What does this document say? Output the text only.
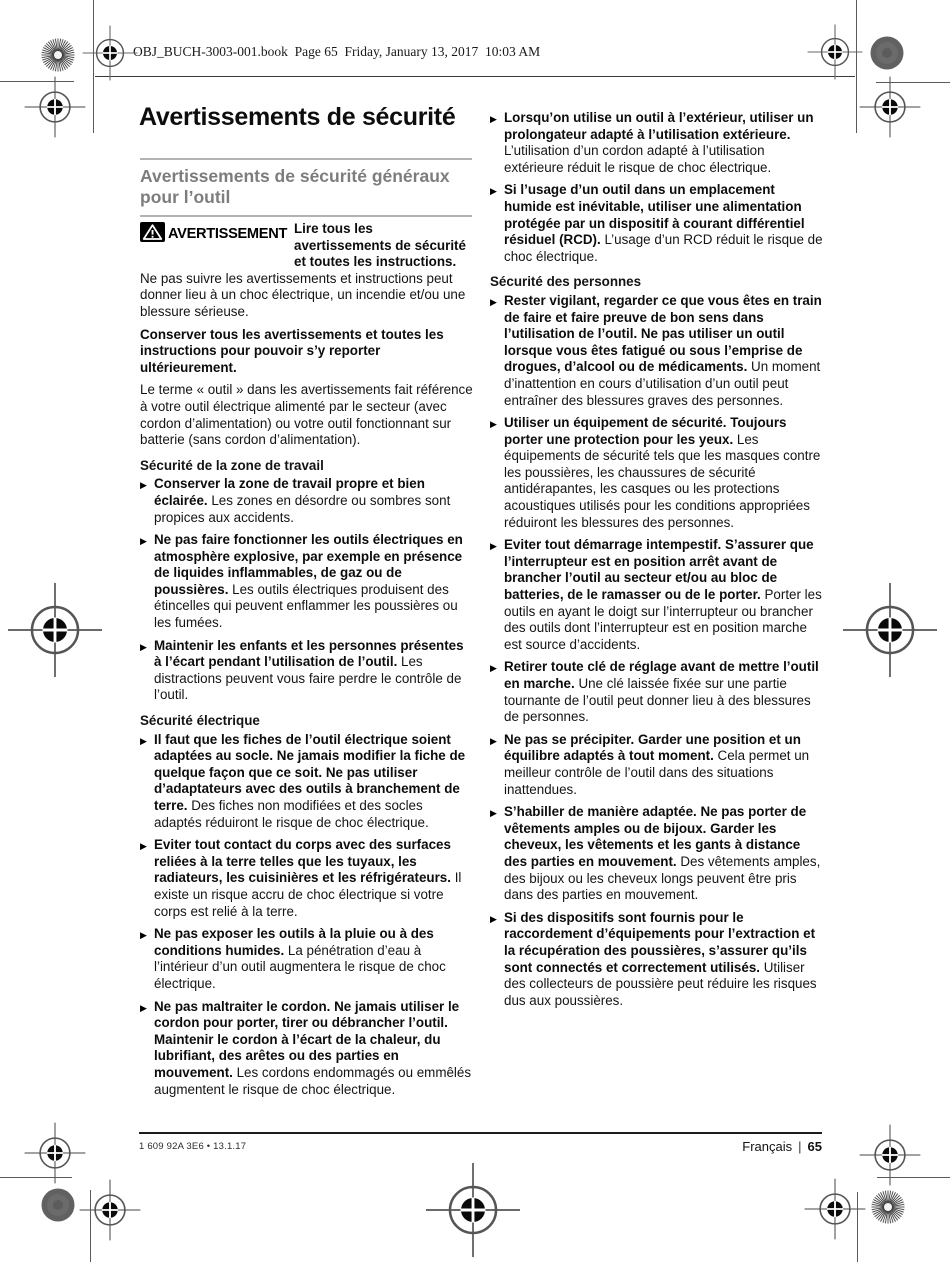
OBJ_BUCH-3003-001.book  Page 65  Friday, January 13, 2017  10:03 AM
Avertissements de sécurité
Avertissements de sécurité généraux pour l’outil

AVERTISSEMENT Lire tous les avertissements de sécurité et toutes les instructions. Ne pas suivre les avertissements et instructions peut donner lieu à un choc électrique, un incendie et/ou une blessure sérieuse.

Conserver tous les avertissements et toutes les instructions pour pouvoir s’y reporter ultérieurement.

Le terme « outil » dans les avertissements fait référence à votre outil électrique alimenté par le secteur (avec cordon d’alimentation) ou votre outil fonctionnant sur batterie (sans cordon d’alimentation).

Sécurité de la zone de travail
▶ Conserver la zone de travail propre et bien éclairée. Les zones en désordre ou sombres sont propices aux accidents.
▶ Ne pas faire fonctionner les outils électriques en atmosphère explosive, par exemple en présence de liquides inflammables, de gaz ou de poussières. Les outils électriques produisent des étincelles qui peuvent enflammer les poussières ou les fumées.
▶ Maintenir les enfants et les personnes présentes à l’écart pendant l’utilisation de l’outil. Les distractions peuvent vous faire perdre le contrôle de l’outil.
Sécurité électrique
▶ Il faut que les fiches de l’outil électrique soient adaptées au socle. Ne jamais modifier la fiche de quelque façon que ce soit. Ne pas utiliser d’adaptateurs avec des outils à branchement de terre. Des fiches non modifiées et des socles adaptés réduiront le risque de choc électrique.
▶ Eviter tout contact du corps avec des surfaces reliées à la terre telles que les tuyaux, les radiateurs, les cuisinières et les réfrigérateurs. Il existe un risque accru de choc électrique si votre corps est relié à la terre.
▶ Ne pas exposer les outils à la pluie ou à des conditions humides. La pénétration d’eau à l’intérieur d’un outil augmentera le risque de choc électrique.
▶ Ne pas maltraiter le cordon. Ne jamais utiliser le cordon pour porter, tirer ou débrancher l’outil. Maintenir le cordon à l’écart de la chaleur, du lubrifiant, des arêtes ou des parties en mouvement. Les cordons endommagés ou emmêlés augmentent le risque de choc électrique.
▶ Lorsqu’on utilise un outil à l’extérieur, utiliser un prolongateur adapté à l’utilisation extérieure. L’utilisation d’un cordon adapté à l’utilisation extérieure réduit le risque de choc électrique.
▶ Si l’usage d’un outil dans un emplacement humide est inévitable, utiliser une alimentation protégée par un dispositif à courant différentiel résiduel (RCD). L’usage d’un RCD réduit le risque de choc électrique.
Sécurité des personnes
▶ Rester vigilant, regarder ce que vous êtes en train de faire et faire preuve de bon sens dans l’utilisation de l’outil. Ne pas utiliser un outil lorsque vous êtes fatigué ou sous l’emprise de drogues, d’alcool ou de médicaments. Un moment d’inattention en cours d’utilisation d’un outil peut entraîner des blessures graves des personnes.
▶ Utiliser un équipement de sécurité. Toujours porter une protection pour les yeux. Les équipements de sécurité tels que les masques contre les poussières, les chaussures de sécurité antidérapantes, les casques ou les protections acoustiques utilisés pour les conditions appropriées réduiront les blessures des personnes.
▶ Eviter tout démarrage intempestif. S’assurer que l’interrupteur est en position arrêt avant de brancher l’outil au secteur et/ou au bloc de batteries, de le ramasser ou de le porter. Porter les outils en ayant le doigt sur l’interrupteur ou brancher des outils dont l’interrupteur est en position marche est source d’accidents.
▶ Retirer toute clé de réglage avant de mettre l’outil en marche. Une clé laissée fixée sur une partie tournante de l’outil peut donner lieu à des blessures de personnes.
▶ Ne pas se précipiter. Garder une position et un équilibre adaptés à tout moment. Cela permet un meilleur contrôle de l’outil dans des situations inattendues.
▶ S’habiller de manière adaptée. Ne pas porter de vêtements amples ou de bijoux. Garder les cheveux, les vêtements et les gants à distance des parties en mouvement. Des vêtements amples, des bijoux ou les cheveux longs peuvent être pris dans des parties en mouvement.
▶ Si des dispositifs sont fournis pour le raccordement d’équipements pour l’extraction et la récupération des poussières, s’assurer qu’ils sont connectés et correctement utilisés. Utiliser des collecteurs de poussière peut réduire les risques dus aux poussières.
1 609 92A 3E6 • 13.1.17	Français | 65
